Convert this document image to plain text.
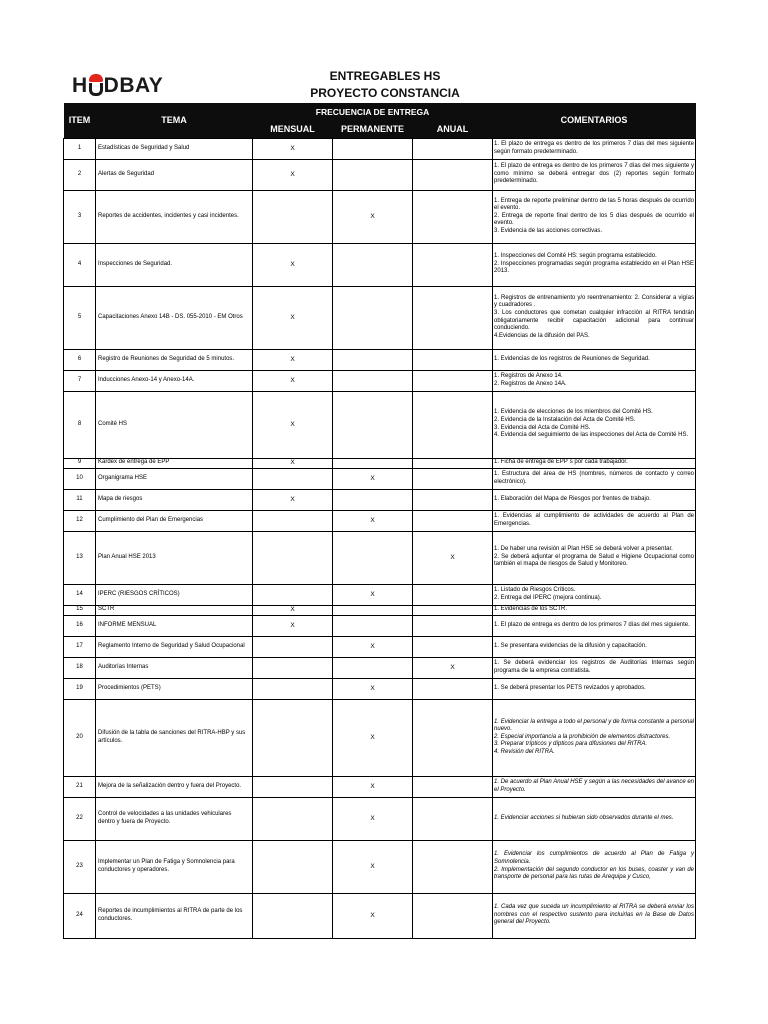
H DBAY	ENTREGABLES HS
PROYECTO CONSTANCIA
ITEM	TEMA	FRECUENCIA DE ENTREGA			COMENTARIOS
		MENSUAL	PERMANENTE	ANUAL	
1	Estadísticas de Seguridad y Salud	X			1. El plazo de entrega es dentro de los primeros 7 días del mes siguiente según formato predeterminado.

2	Alertas de Seguridad	X			1. El plazo de entrega es dentro de los primeros 7 días del mes siguiente y como mínimo se deberá entregar dos (2) reportes según formato predeterminado.

3	Reportes de accidentes, incidentes y casi incidentes.		X		1. Entrega de reporte preliminar dentro de las 5 horas después de ocurrido el evento.
2. Entrega de reporte final dentro de los 5 días después de ocurrido el evento.
3. Evidencia de las acciones correctivas.

4	Inspecciones de Seguridad.	X			1. Inspecciones del Comité HS: según programa establecido.
2. Inspecciones programadas según programa establecido en el Plan HSE 2013.

5	Capacitaciones Anexo 14B - DS. 055-2010 - EM Otros	X			1. Registros de entrenamiento y/o reentrenamiento: 2. Considerar a vigías y cuadradores .
3. Los conductores que cometan cualquier infracción al RITRA tendrán obligatoriamente recibir capacitación adicional para continuar conduciendo.
4.Evidencias de la difusión del PAS.

6	Registro de Reuniones de Seguridad de 5 minutos.	X			1. Evidencias de los registros de Reuniones de Seguridad.

7	Inducciones Anexo-14 y Anexo-14A.	X			1. Registros de Anexo 14.
2. Registros de Anexo 14A.

8	Comité HS	X			1. Evidencia de elecciones de los miembros del Comité HS.
2. Evidencia de la Instalación del Acta de Comité HS.
3. Evidencia del Acta de Comité HS.
4. Evidencia del seguimiento de las inspecciones del Acta de Comité HS.

9	Kardex de entrega de EPP	X			1. Ficha de entrega de EPP´s por cada trabajador.

10	Organigrama HSE		X		1. Estructura del área de HS (nombres, números de contacto y correo electrónico).

11	Mapa de riesgos	X			1. Elaboración del Mapa de Riesgos por frentes de trabajo.

12	Cumplimiento del Plan de Emergencias		X		1. Evidencias al cumplimiento de actividades de acuerdo al Plan de Emergencias.

13	Plan Anual HSE 2013			X	1. De haber una revisión al Plan HSE se deberá volver a presentar.
2. Se deberá adjuntar el programa de Salud e Higiene Ocupacional como también el mapa de riesgos de Salud y Monitoreo.

14	IPERC (RIESGOS CRÍTICOS)		X		1. Listado de Riesgos Críticos.
2. Entrega del IPERC (mejora continua).

15	SCTR	X			1. Evidencias de los SCTR.

16	INFORME MENSUAL	X			1. El plazo de entrega es dentro de los primeros 7 días del mes siguiente.

17	Reglamento Interno de Seguridad y Salud Ocupacional		X		1. Se presentara evidencias de la difusión y capacitación.

18	Auditorías Internas			X	1. Se deberá evidenciar los registros de Auditorías Internas según programa de la empresa contratista.

19	Procedimientos (PETS)		X		1. Se deberá presentar los PETS revizados y aprobados.

20	Difusión de la tabla de sanciones del RITRA-HBP y sus artículos.		X		1. Evidenciar la entrega a todo el personal y de forma constante a personal nuevo.
2. Especial importancia a la prohibición de elementos distractores.
3. Preparar trípticos y dípticos para difusiones del RITRA.
4. Revisión del RITRA.

21	Mejora de la señalización dentro y fuera del Proyecto.		X		1. De acuerdo al Plan Anual HSE y según a las necesidades del avance en el Proyecto.

22	Control de velocidades a las unidades vehiculares dentro y fuera de Proyecto.		X		1. Evidenciar acciones si hubieran sido observados durante el mes.

23	Implementar un Plan de Fatiga y Somnolencia para conductores y operadores.		X		1. Evidenciar los cumplimientos de acuerdo al Plan de Fatiga y Somnolencia.
2. Implementación del segundo conductor en los buses, coaster y van de transporte de personal para las rutas de Arequipa y Cusco,

24	Reportes de incumplimientos al RITRA de parte de los conductores.		X		1. Cada vez que suceda un incumplimiento al RITRA se deberá enviar los nombres con el respectivo sustento para incluirlas en la Base de Datos general del Proyecto.
